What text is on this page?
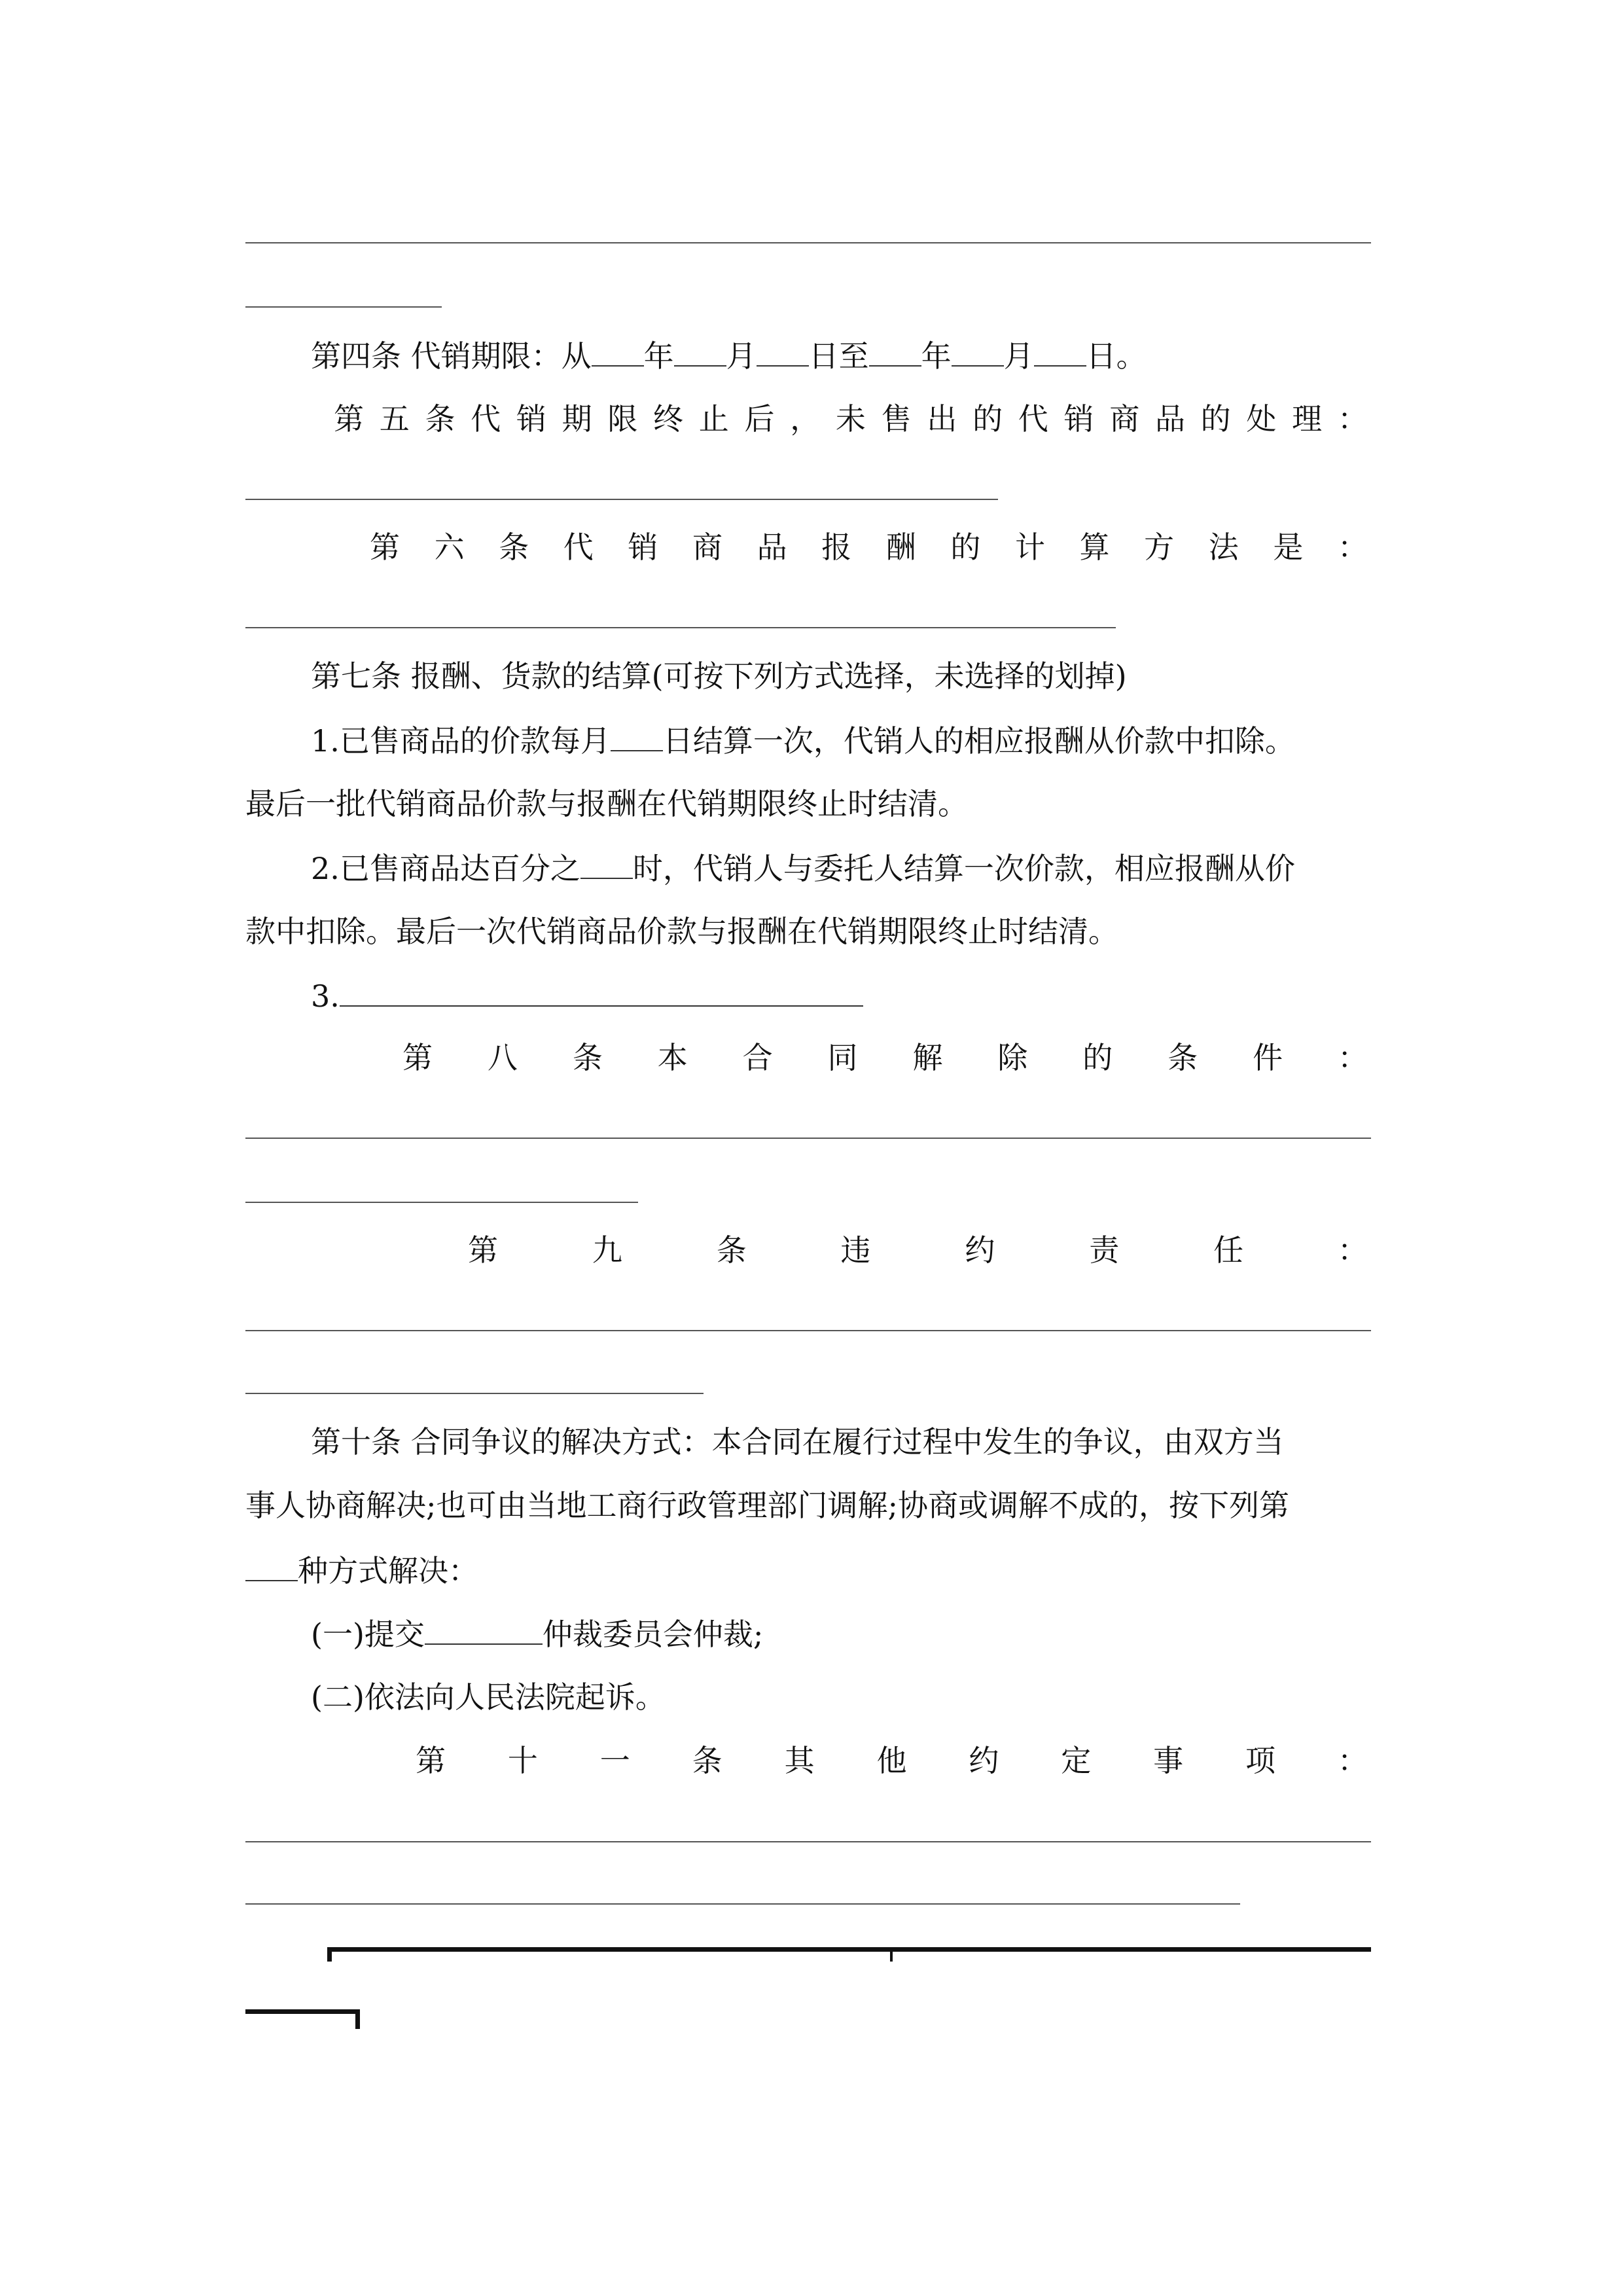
第四条 代销期限：从 年 月 日至 年 月 日。
第 五 条 代 销 期 限 终 止 后 ， 未 售 出 的 代 销 商 品 的 处 理 ：
第 六 条 代 销 商 品 报 酬 的 计 算 方 法 是 ：
第七条 报酬、货款的结算(可按下列方式选择，未选择的划掉)
1.已售商品的价款每月 日结算一次，代销人的相应报酬从价款中扣除。
最后一批代销商品价款与报酬在代销期限终止时结清。
2.已售商品达百分之 时，代销人与委托人结算一次价款，相应报酬从价
款中扣除。最后一次代销商品价款与报酬在代销期限终止时结清。
3.
第 八 条 本 合 同 解 除 的 条 件 ：
第	九	条	违	约	责	任	：
第十条 合同争议的解决方式：本合同在履行过程中发生的争议，由双方当
事人协商解决;也可由当地工商行政管理部门调解;协商或调解不成的，按下列第
种方式解决：
(一)提交	仲裁委员会仲裁;
(二)依法向人民法院起诉。
第 十 一 条 其 他 约 定 事 项 ：
